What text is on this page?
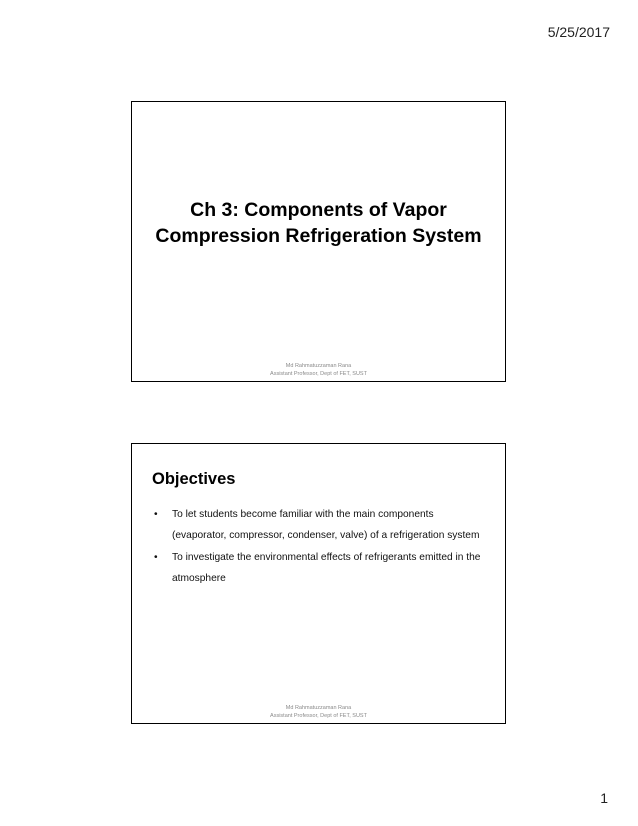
5/25/2017
Ch 3: Components of Vapor
Compression Refrigeration System
Md Rahmatuzzaman Rana
Assistant Professor, Dept of FET, SUST
Objectives
• To let students become familiar with the main components (evaporator, compressor, condenser, valve) of a refrigeration system
• To investigate the environmental effects of refrigerants emitted in the atmosphere
Md Rahmatuzzaman Rana
Assistant Professor, Dept of FET, SUST
1
